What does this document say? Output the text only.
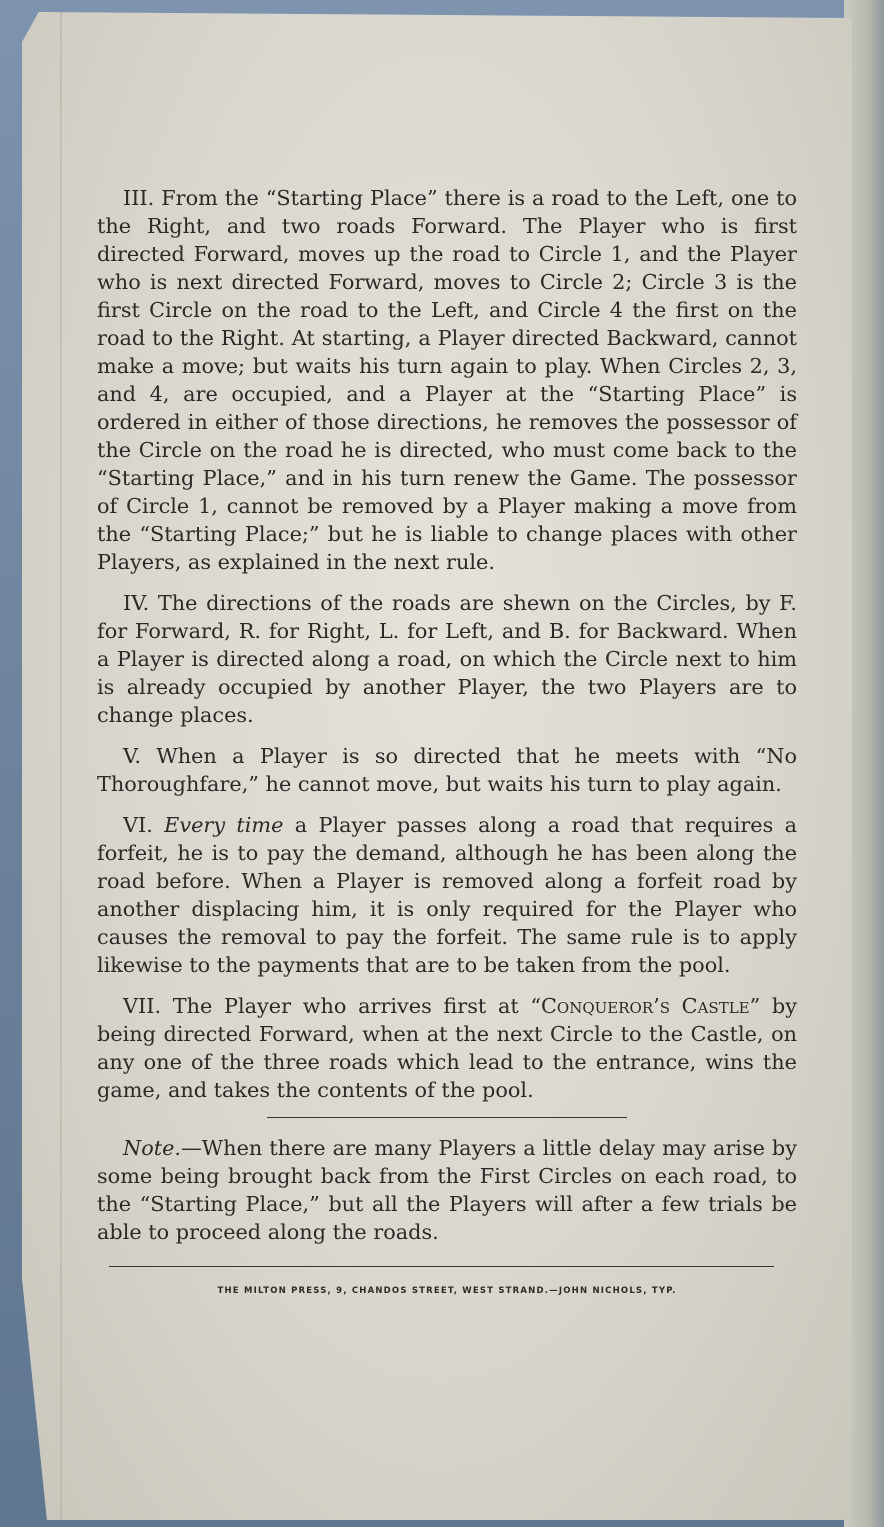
III. From the “Starting Place” there is a road to the Left, one to the Right, and two roads Forward. The Player who is first directed Forward, moves up the road to Circle 1, and the Player who is next directed Forward, moves to Circle 2; Circle 3 is the first Circle on the road to the Left, and Circle 4 the first on the road to the Right. At starting, a Player directed Backward, cannot make a move; but waits his turn again to play. When Circles 2, 3, and 4, are occupied, and a Player at the “Starting Place” is ordered in either of those directions, he removes the possessor of the Circle on the road he is directed, who must come back to the “Starting Place,” and in his turn renew the Game. The possessor of Circle 1, cannot be removed by a Player making a move from the “Starting Place;” but he is liable to change places with other Players, as explained in the next rule.

IV. The directions of the roads are shewn on the Circles, by F. for Forward, R. for Right, L. for Left, and B. for Backward. When a Player is directed along a road, on which the Circle next to him is already occupied by another Player, the two Players are to change places.

V. When a Player is so directed that he meets with “No Thoroughfare,” he cannot move, but waits his turn to play again.

VI. Every time a Player passes along a road that requires a forfeit, he is to pay the demand, although he has been along the road before. When a Player is removed along a forfeit road by another displacing him, it is only required for the Player who causes the removal to pay the forfeit. The same rule is to apply likewise to the payments that are to be taken from the pool.

VII. The Player who arrives first at “Conqueror’s Castle” by being directed Forward, when at the next Circle to the Castle, on any one of the three roads which lead to the entrance, wins the game, and takes the contents of the pool.

Note.—When there are many Players a little delay may arise by some being brought back from the First Circles on each road, to the “Starting Place,” but all the Players will after a few trials be able to proceed along the roads.

THE MILTON PRESS, 9, CHANDOS STREET, WEST STRAND.—JOHN NICHOLS, TYP.
